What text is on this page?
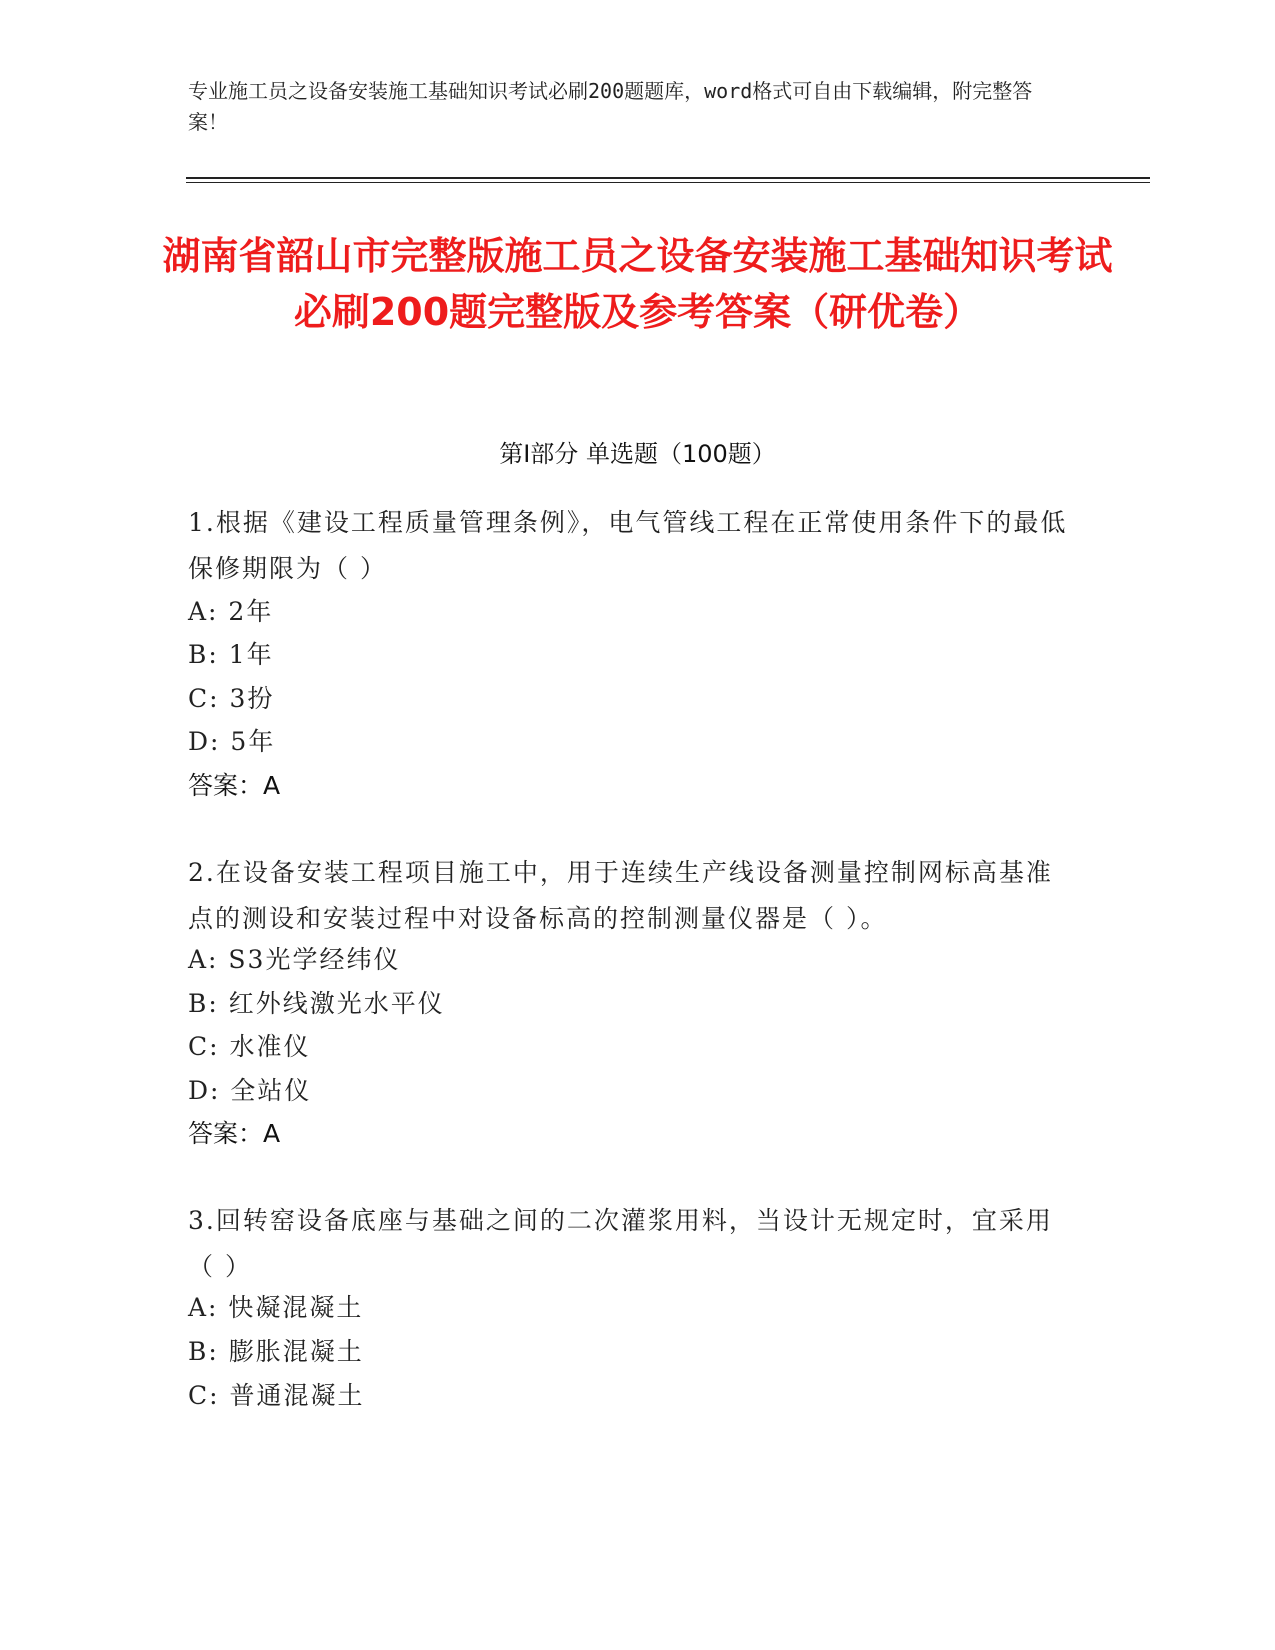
专业施工员之设备安装施工基础知识考试必刷200题题库，word格式可自由下载编辑，附完整答案！
湖南省韶山市完整版施工员之设备安装施工基础知识考试必刷200题完整版及参考答案（研优卷）
第I部分 单选题（100题）
1.根据《建设工程质量管理条例》，电气管线工程在正常使用条件下的最低保修期限为（ ）
A: 2年
B: 1年
C: 3扮
D: 5年
答案：A
2.在设备安装工程项目施工中，用于连续生产线设备测量控制网标高基准点的测设和安装过程中对设备标高的控制测量仪器是（ ）。
A: S3光学经纬仪
B: 红外线激光水平仪
C: 水准仪
D: 全站仪
答案：A
3.回转窑设备底座与基础之间的二次灌浆用料，当设计无规定时，宜采用（ ）
A: 快凝混凝土
B: 膨胀混凝土
C: 普通混凝土
